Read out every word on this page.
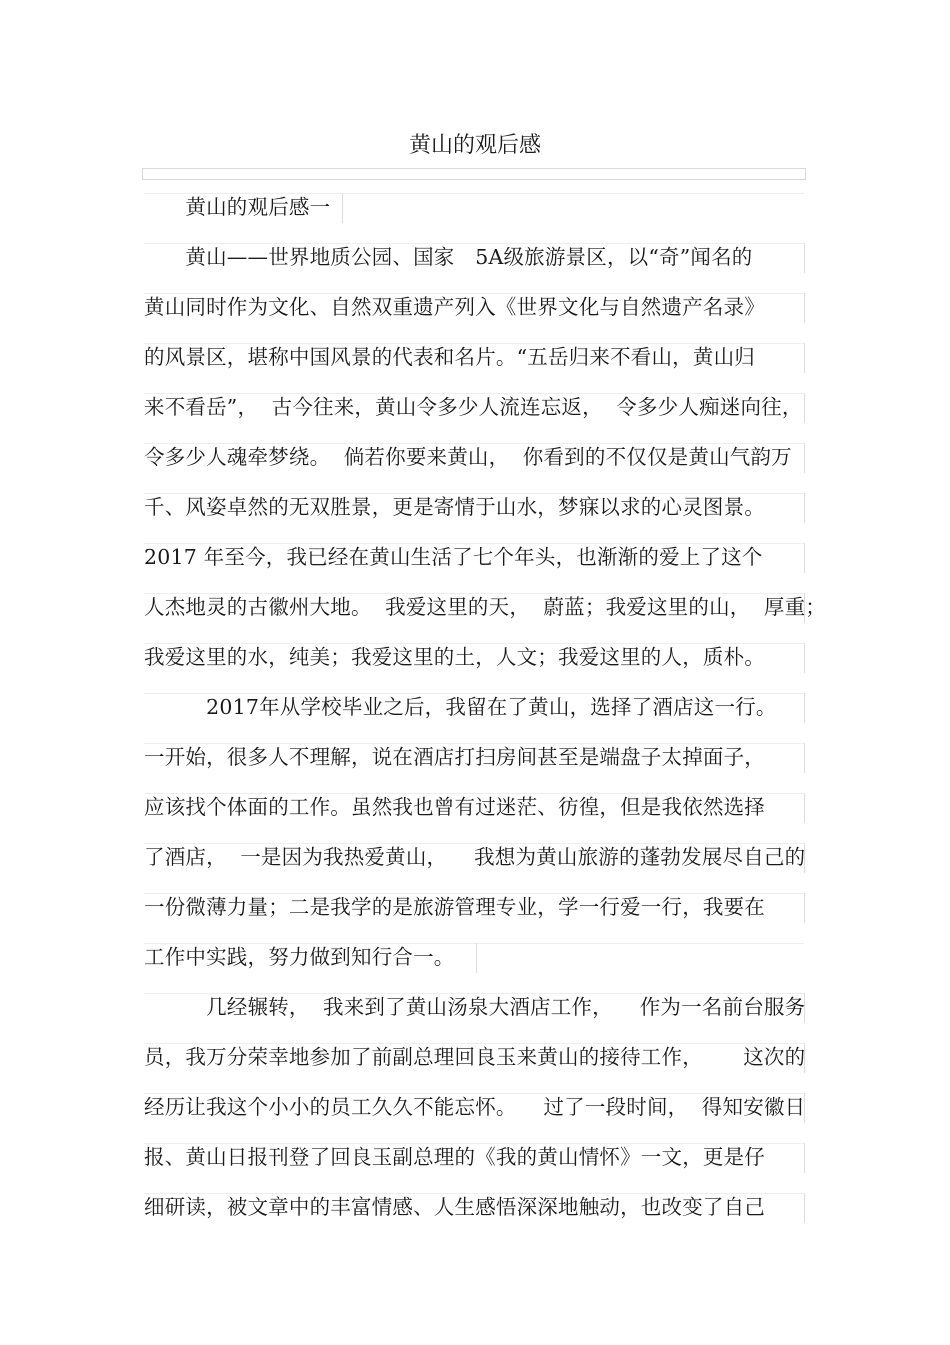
黄山的观后感
　　黄山的观后感一
　　黄山——世界地质公园、国家　5A级旅游景区，以“奇”闻名的
黄山同时作为文化、自然双重遗产列入《世界文化与自然遗产名录》
的风景区，堪称中国风景的代表和名片。“五岳归来不看山，黄山归
来不看岳”，  古今往来，黄山令多少人流连忘返，  令多少人痴迷向往，
令多少人魂牵梦绕。  倘若你要来黄山，  你看到的不仅仅是黄山气韵万
千、风姿卓然的无双胜景，更是寄情于山水，梦寐以求的心灵图景。
2017 年至今，我已经在黄山生活了七个年头，也渐渐的爱上了这个
人杰地灵的古徽州大地。  我爱这里的天，  蔚蓝；我爱这里的山，  厚重；
我爱这里的水，纯美；我爱这里的土，人文；我爱这里的人，质朴。
　　　2017年从学校毕业之后，我留在了黄山，选择了酒店这一行。
一开始，很多人不理解，说在酒店打扫房间甚至是端盘子太掉面子，
应该找个体面的工作。虽然我也曾有过迷茫、彷徨，但是我依然选择
了酒店，  一是因为我热爱黄山，    我想为黄山旅游的蓬勃发展尽自己的
一份微薄力量；二是我学的是旅游管理专业，学一行爱一行，我要在
工作中实践，努力做到知行合一。
　　　几经辗转，  我来到了黄山汤泉大酒店工作，    作为一名前台服务
员，我万分荣幸地参加了前副总理回良玉来黄山的接待工作，      这次的
经历让我这个小小的员工久久不能忘怀。    过了一段时间，  得知安徽日
报、黄山日报刊登了回良玉副总理的《我的黄山情怀》一文，更是仔
细研读，被文章中的丰富情感、人生感悟深深地触动，也改变了自己
